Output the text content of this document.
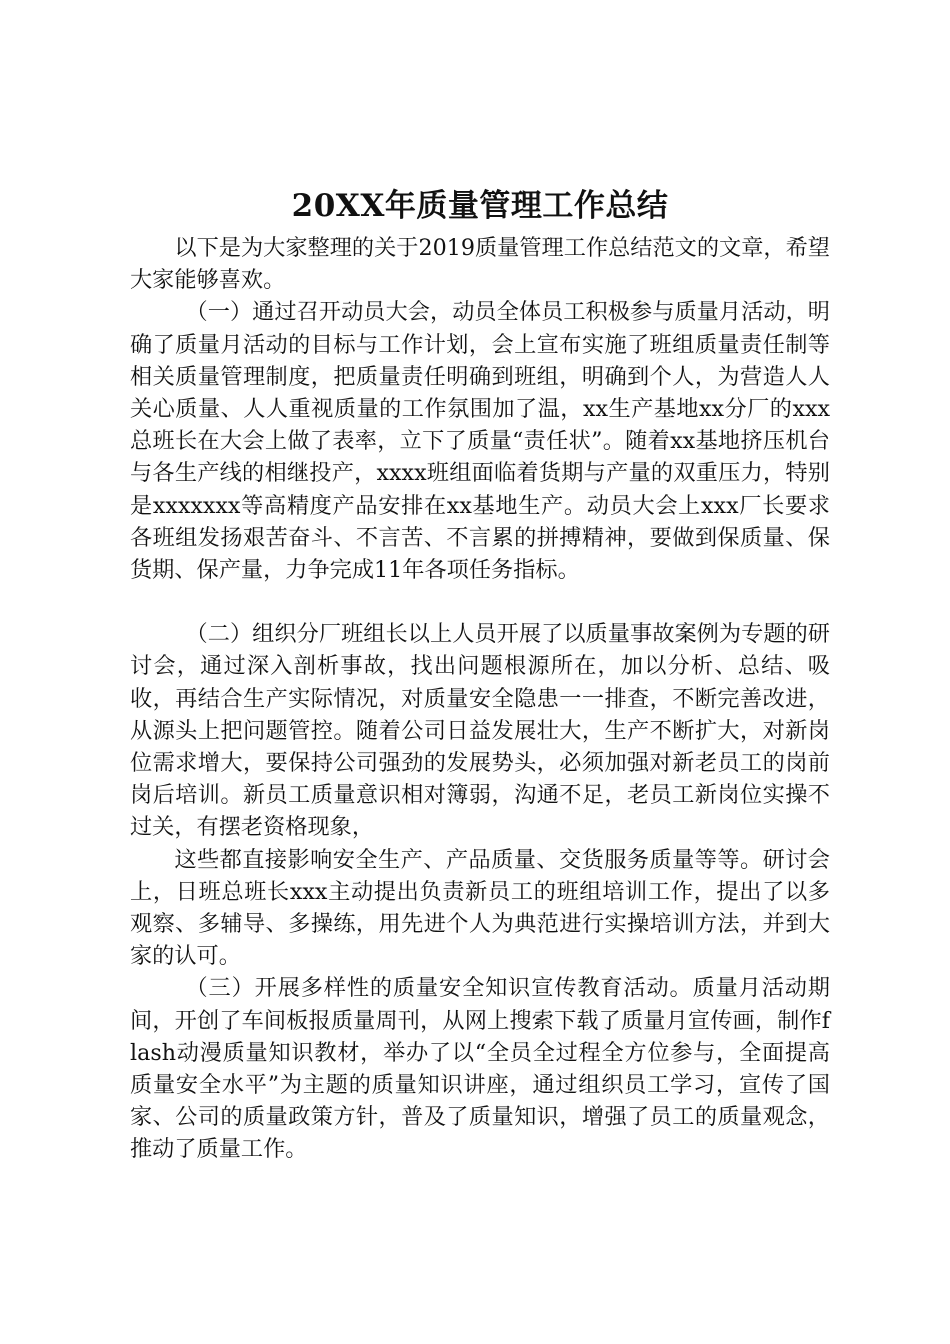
20XX年质量管理工作总结

以下是为大家整理的关于2019质量管理工作总结范文的文章，希望大家能够喜欢。

（一）通过召开动员大会，动员全体员工积极参与质量月活动，明确了质量月活动的目标与工作计划，会上宣布实施了班组质量责任制等相关质量管理制度，把质量责任明确到班组，明确到个人，为营造人人关心质量、人人重视质量的工作氛围加了温，xx生产基地xx分厂的xxx总班长在大会上做了表率，立下了质量“责任状”。随着xx基地挤压机台与各生产线的相继投产，xxxx班组面临着货期与产量的双重压力，特别是xxxxxxx等高精度产品安排在xx基地生产。动员大会上xxx厂长要求各班组发扬艰苦奋斗、不言苦、不言累的拼搏精神，要做到保质量、保货期、保产量，力争完成11年各项任务指标。

（二）组织分厂班组长以上人员开展了以质量事故案例为专题的研讨会，通过深入剖析事故，找出问题根源所在，加以分析、总结、吸收，再结合生产实际情况，对质量安全隐患一一排查，不断完善改进，从源头上把问题管控。随着公司日益发展壮大，生产不断扩大，对新岗位需求增大，要保持公司强劲的发展势头，必须加强对新老员工的岗前岗后培训。新员工质量意识相对簿弱，沟通不足，老员工新岗位实操不过关，有摆老资格现象，

这些都直接影响安全生产、产品质量、交货服务质量等等。研讨会上，日班总班长xxx主动提出负责新员工的班组培训工作，提出了以多观察、多辅导、多操练，用先进个人为典范进行实操培训方法，并到大家的认可。

（三）开展多样性的质量安全知识宣传教育活动。质量月活动期间，开创了车间板报质量周刊，从网上搜索下载了质量月宣传画，制作flash动漫质量知识教材，举办了以“全员全过程全方位参与，全面提高质量安全水平”为主题的质量知识讲座，通过组织员工学习，宣传了国家、公司的质量政策方针，普及了质量知识，增强了员工的质量观念，推动了质量工作。
